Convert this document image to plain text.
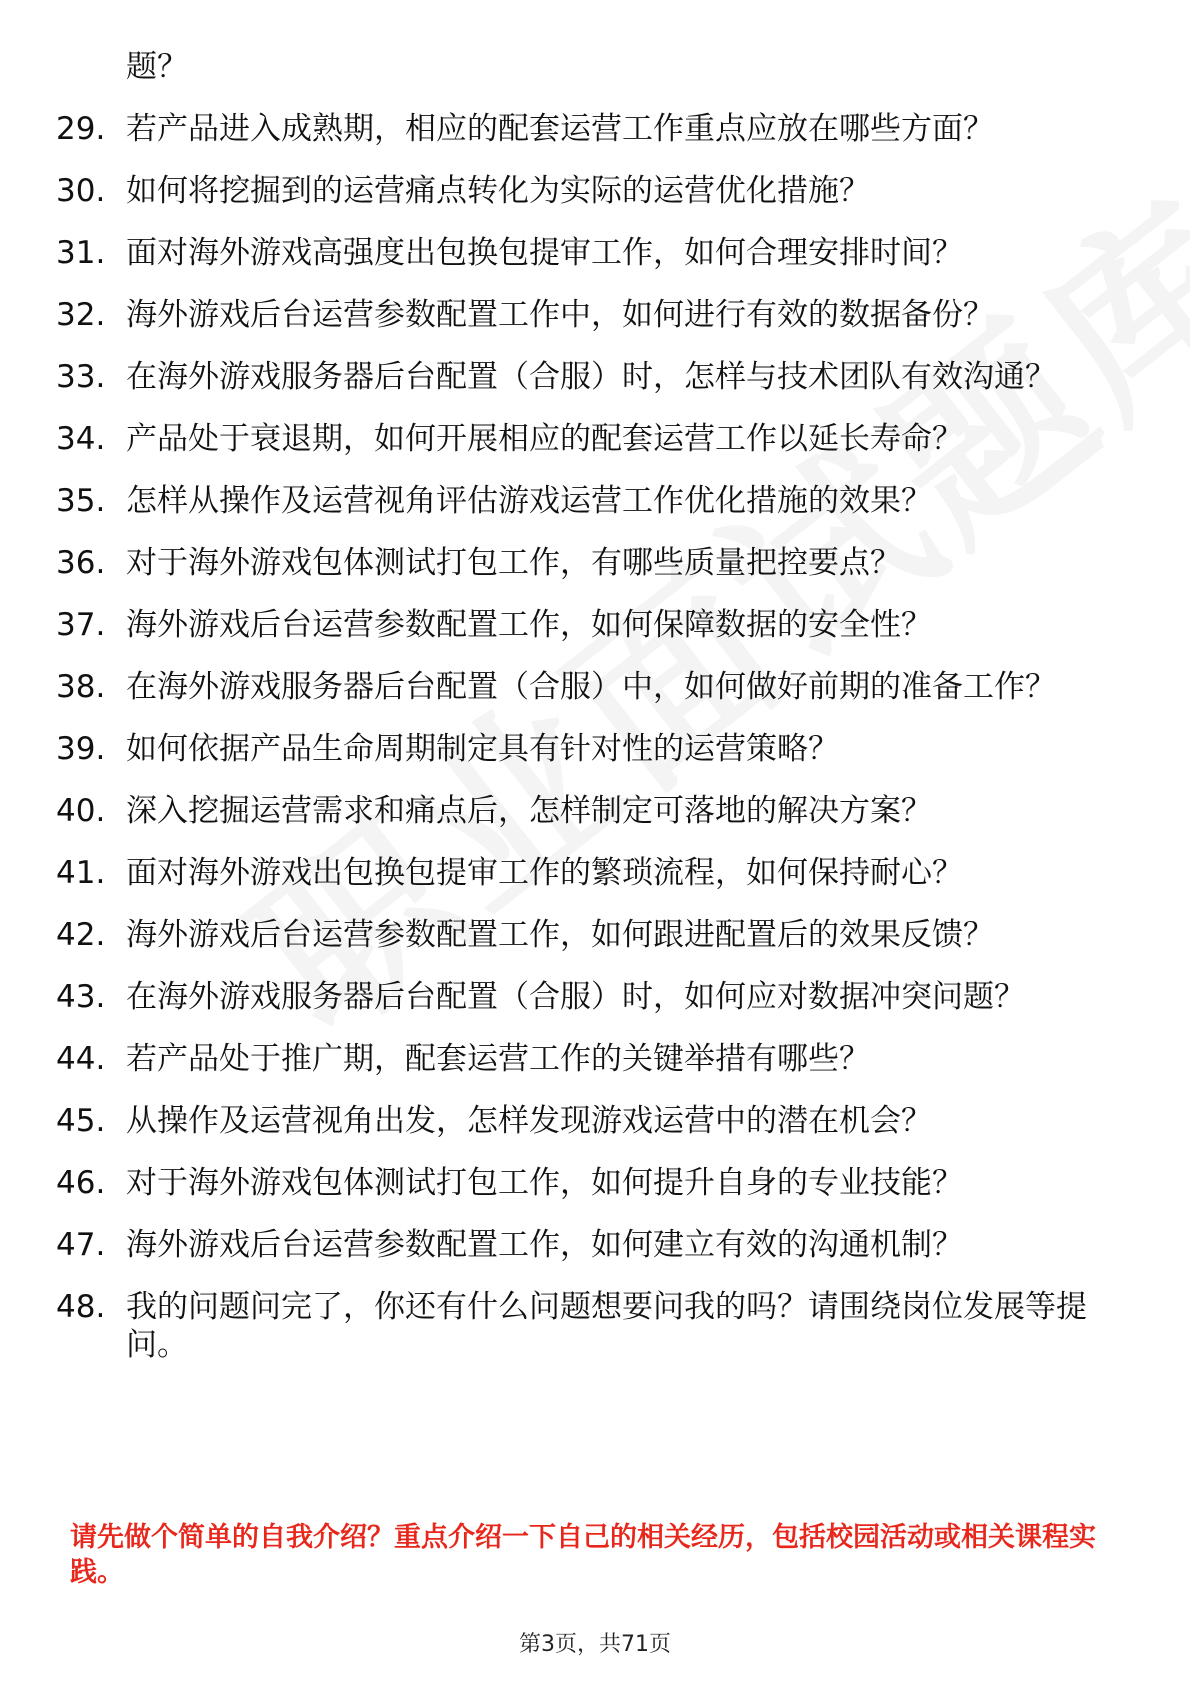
题？
29. 若产品进入成熟期，相应的配套运营工作重点应放在哪些方面？
30. 如何将挖掘到的运营痛点转化为实际的运营优化措施？
31. 面对海外游戏高强度出包换包提审工作，如何合理安排时间？
32. 海外游戏后台运营参数配置工作中，如何进行有效的数据备份？
33. 在海外游戏服务器后台配置（合服）时，怎样与技术团队有效沟通？
34. 产品处于衰退期，如何开展相应的配套运营工作以延长寿命？
35. 怎样从操作及运营视角评估游戏运营工作优化措施的效果？
36. 对于海外游戏包体测试打包工作，有哪些质量把控要点？
37. 海外游戏后台运营参数配置工作，如何保障数据的安全性？
38. 在海外游戏服务器后台配置（合服）中，如何做好前期的准备工作？
39. 如何依据产品生命周期制定具有针对性的运营策略？
40. 深入挖掘运营需求和痛点后，怎样制定可落地的解决方案？
41. 面对海外游戏出包换包提审工作的繁琐流程，如何保持耐心？
42. 海外游戏后台运营参数配置工作，如何跟进配置后的效果反馈？
43. 在海外游戏服务器后台配置（合服）时，如何应对数据冲突问题？
44. 若产品处于推广期，配套运营工作的关键举措有哪些？
45. 从操作及运营视角出发，怎样发现游戏运营中的潜在机会？
46. 对于海外游戏包体测试打包工作，如何提升自身的专业技能？
47. 海外游戏后台运营参数配置工作，如何建立有效的沟通机制？
48. 我的问题问完了，你还有什么问题想要问我的吗？请围绕岗位发展等提问。
请先做个简单的自我介绍？重点介绍一下自己的相关经历，包括校园活动或相关课程实践。
第3页，共71页
